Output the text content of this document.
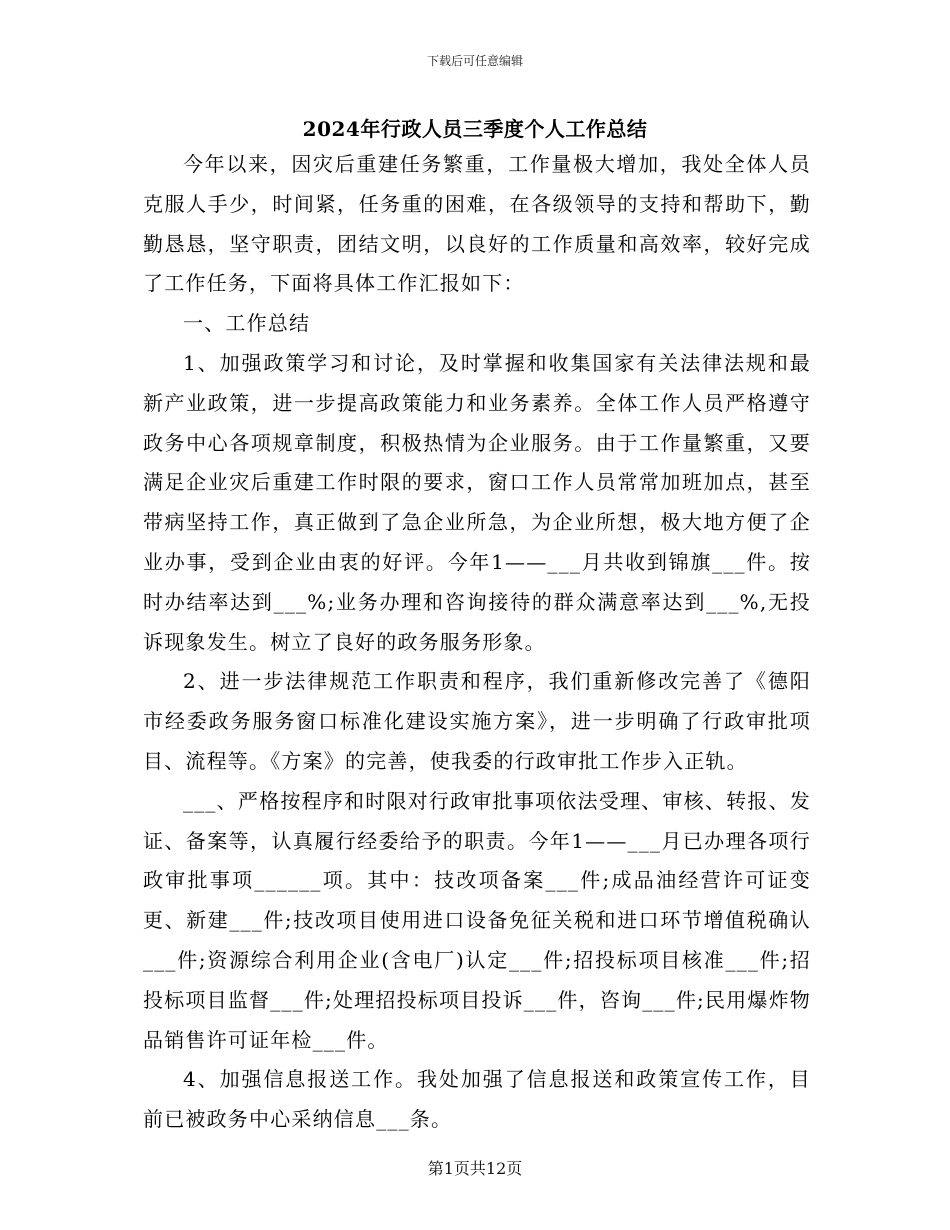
下载后可任意编辑
2024年行政人员三季度个人工作总结

今年以来，因灾后重建任务繁重，工作量极大增加，我处全体人员克服人手少，时间紧，任务重的困难，在各级领导的支持和帮助下，勤勤恳恳，坚守职责，团结文明，以良好的工作质量和高效率，较好完成了工作任务，下面将具体工作汇报如下：

一、工作总结

1、加强政策学习和讨论，及时掌握和收集国家有关法律法规和最新产业政策，进一步提高政策能力和业务素养。全体工作人员严格遵守政务中心各项规章制度，积极热情为企业服务。由于工作量繁重，又要满足企业灾后重建工作时限的要求，窗口工作人员常常加班加点，甚至带病坚持工作，真正做到了急企业所急，为企业所想，极大地方便了企业办事，受到企业由衷的好评。今年1——___月共收到锦旗___件。按时办结率达到___%;业务办理和咨询接待的群众满意率达到___%,无投诉现象发生。树立了良好的政务服务形象。

2、进一步法律规范工作职责和程序，我们重新修改完善了《德阳市经委政务服务窗口标准化建设实施方案》，进一步明确了行政审批项目、流程等。《方案》的完善，使我委的行政审批工作步入正轨。

___、严格按程序和时限对行政审批事项依法受理、审核、转报、发证、备案等，认真履行经委给予的职责。今年1——___月已办理各项行政审批事项______项。其中：技改项备案___件;成品油经营许可证变更、新建___件;技改项目使用进口设备免征关税和进口环节增值税确认___件;资源综合利用企业(含电厂)认定___件;招投标项目核准___件;招投标项目监督___件;处理招投标项目投诉___件，咨询___件;民用爆炸物品销售许可证年检___件。

4、加强信息报送工作。我处加强了信息报送和政策宣传工作，目前已被政务中心采纳信息___条。

第1页共12页
